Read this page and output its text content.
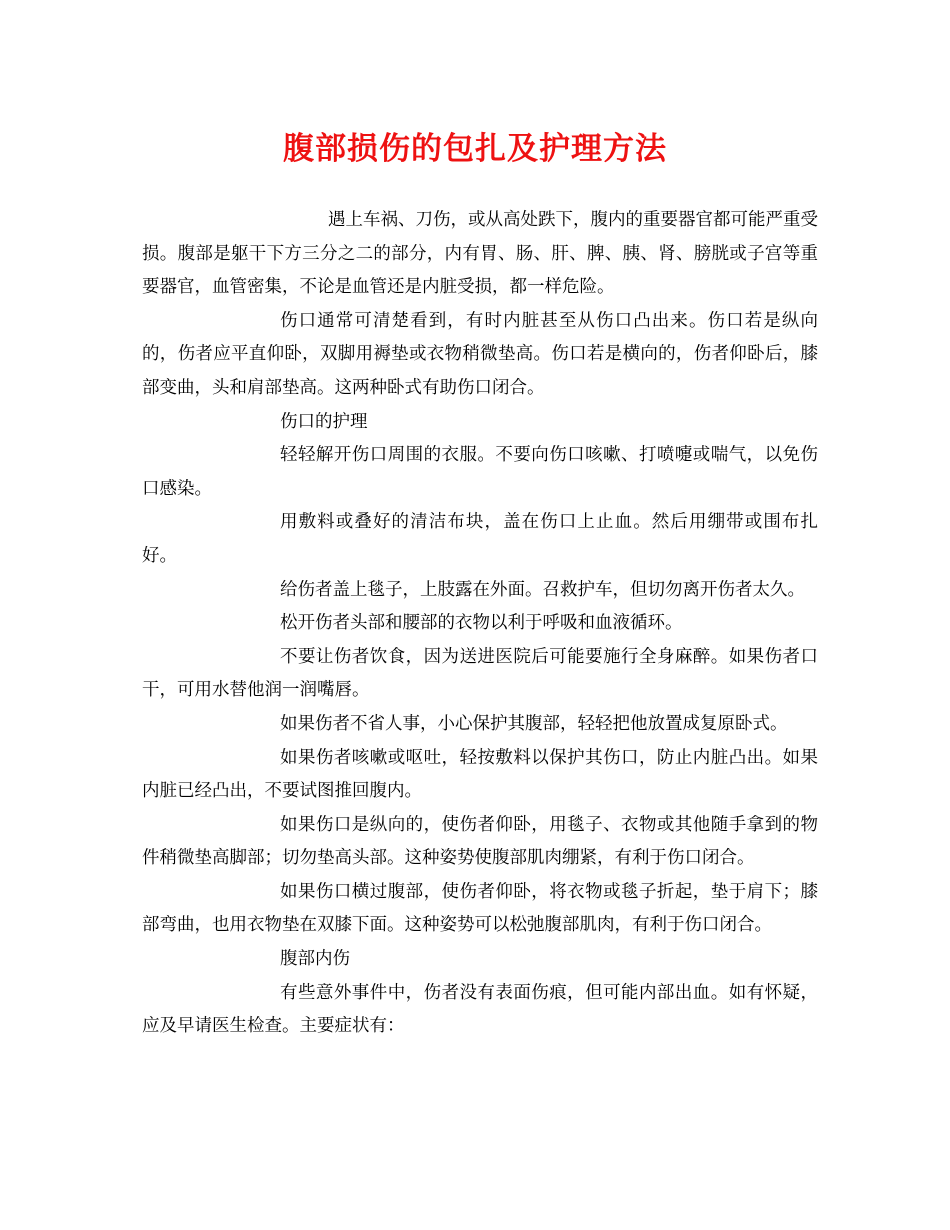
腹部损伤的包扎及护理方法

遇上车祸、刀伤，或从高处跌下，腹内的重要器官都可能严重受损。腹部是躯干下方三分之二的部分，内有胃、肠、肝、脾、胰、肾、膀胱或子宫等重要器官，血管密集，不论是血管还是内脏受损，都一样危险。

伤口通常可清楚看到，有时内脏甚至从伤口凸出来。伤口若是纵向的，伤者应平直仰卧，双脚用褥垫或衣物稍微垫高。伤口若是横向的，伤者仰卧后，膝部变曲，头和肩部垫高。这两种卧式有助伤口闭合。

伤口的护理

轻轻解开伤口周围的衣服。不要向伤口咳嗽、打喷嚏或喘气，以免伤口感染。

用敷料或叠好的清洁布块，盖在伤口上止血。然后用绷带或围布扎好。

给伤者盖上毯子，上肢露在外面。召救护车，但切勿离开伤者太久。

松开伤者头部和腰部的衣物以利于呼吸和血液循环。

不要让伤者饮食，因为送进医院后可能要施行全身麻醉。如果伤者口干，可用水替他润一润嘴唇。

如果伤者不省人事，小心保护其腹部，轻轻把他放置成复原卧式。

如果伤者咳嗽或呕吐，轻按敷料以保护其伤口，防止内脏凸出。如果内脏已经凸出，不要试图推回腹内。

如果伤口是纵向的，使伤者仰卧，用毯子、衣物或其他随手拿到的物件稍微垫高脚部；切勿垫高头部。这种姿势使腹部肌肉绷紧，有利于伤口闭合。

如果伤口横过腹部，使伤者仰卧，将衣物或毯子折起，垫于肩下；膝部弯曲，也用衣物垫在双膝下面。这种姿势可以松弛腹部肌肉，有利于伤口闭合。

腹部内伤

有些意外事件中，伤者没有表面伤痕，但可能内部出血。如有怀疑，应及早请医生检查。主要症状有：
